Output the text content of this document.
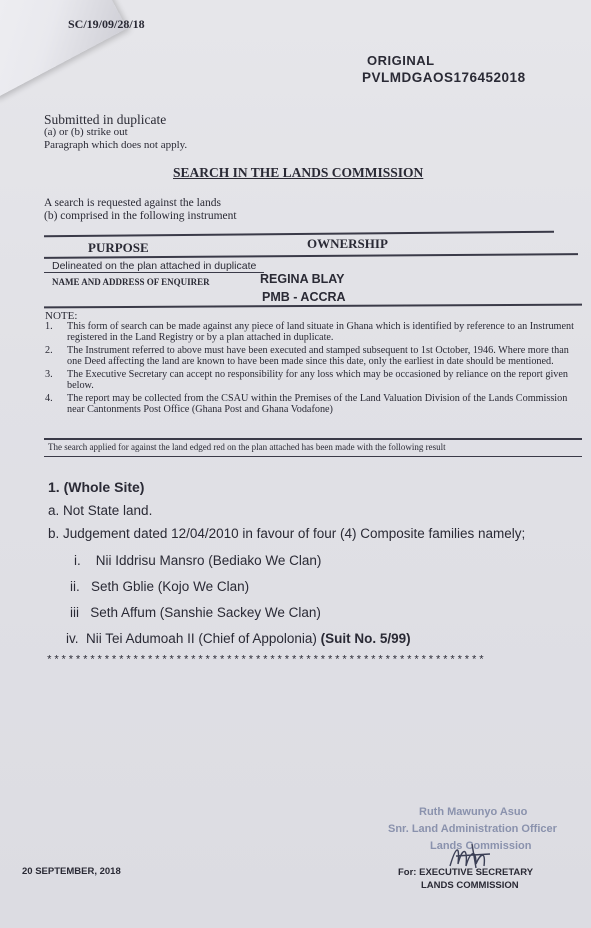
SC/19/09/28/18
ORIGINAL
PVLMDGAOS176452018
Submitted in duplicate
(a) or (b) strike out
Paragraph which does not apply.
SEARCH IN THE LANDS COMMISSION
A search is requested against the lands
(b) comprised in the following instrument
PURPOSE	OWNERSHIP
Delineated on the plan attached in duplicate
NAME AND ADDRESS OF ENQUIRER	REGINA BLAY
PMB - ACCRA
NOTE:
1.	This form of search can be made against any piece of land situate in Ghana which is identified by reference to an Instrument registered in the Land Registry or by a plan attached in duplicate.
2.	The Instrument referred to above must have been executed and stamped subsequent to 1st October, 1946. Where more than one Deed affecting the land are known to have been made since this date, only the earliest in date should be mentioned.
3.	The Executive Secretary can accept no responsibility for any loss which may be occasioned by reliance on the report given below.
4.	The report may be collected from the CSAU within the Premises of the Land Valuation Division of the Lands Commission near Cantonments Post Office (Ghana Post and Ghana Vodafone)
The search applied for against the land edged red on the plan attached has been made with the following result
1. (Whole Site)
a. Not State land.
b. Judgement dated 12/04/2010 in favour of four (4) Composite families namely;
i. Nii Iddrisu Mansro (Bediako We Clan)
ii. Seth Gblie (Kojo We Clan)
iii Seth Affum (Sanshie Sackey We Clan)
iv. Nii Tei Adumoah II (Chief of Appolonia) (Suit No. 5/99)
*************************************************************
Ruth Mawunyo Asuo
Snr. Land Administration Officer
Lands Commission
20 SEPTEMBER, 2018	For: EXECUTIVE SECRETARY
LANDS COMMISSION
